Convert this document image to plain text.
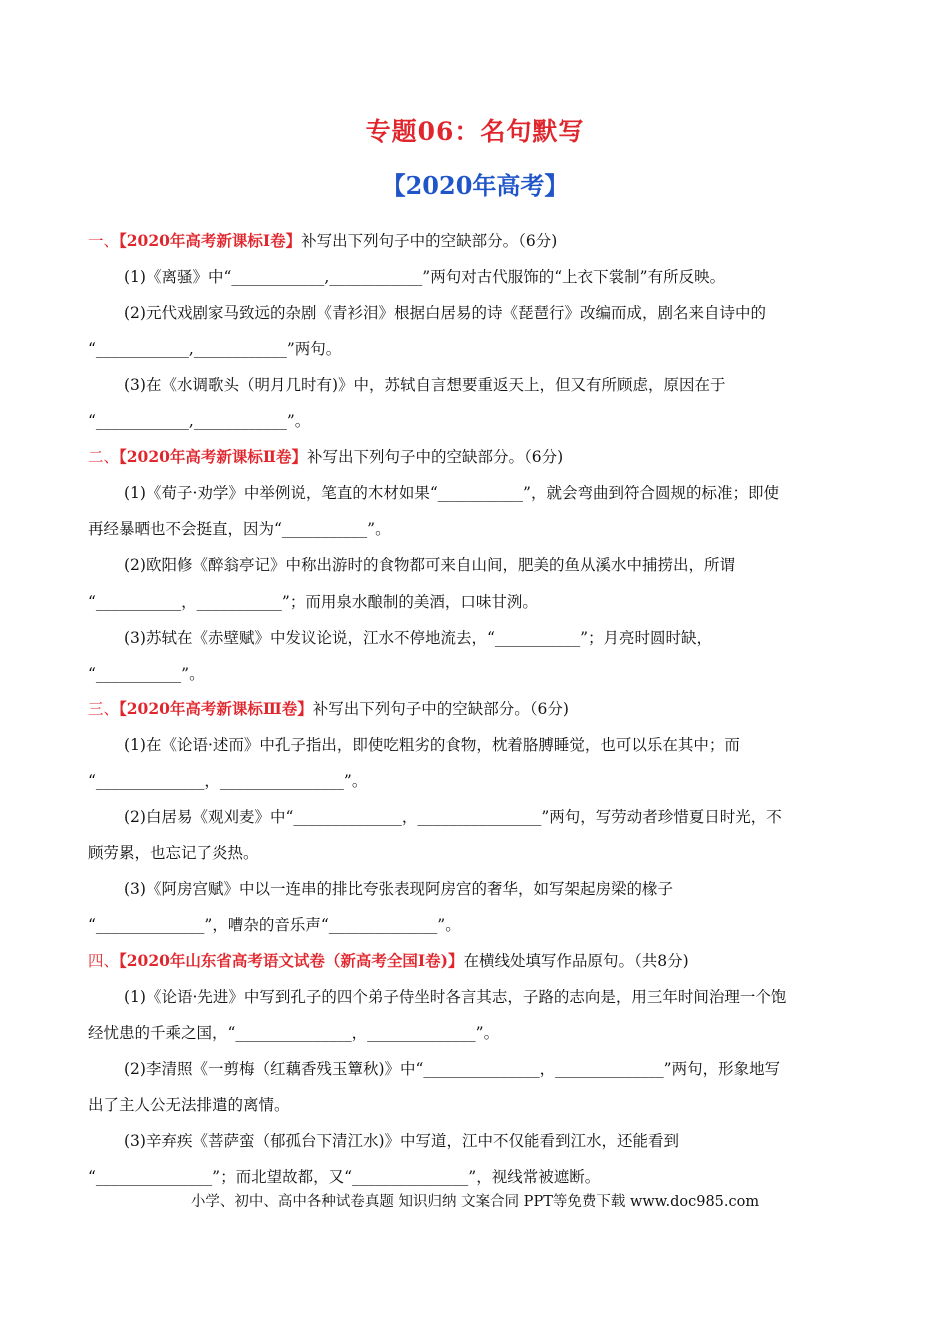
专题06：名句默写
【2020年高考】
一、【2020年高考新课标Ⅰ卷】补写出下列句子中的空缺部分。（6分)
(1)《离骚》中“____________,____________”两句对古代服饰的“上衣下裳制”有所反映。
(2)元代戏剧家马致远的杂剧《青衫泪》根据白居易的诗《琵琶行》改编而成，剧名来自诗中的
“____________,____________”两句。
(3)在《水调歌头（明月几时有)》中，苏轼自言想要重返天上，但又有所顾虑，原因在于
“____________,____________”。
二、【2020年高考新课标Ⅱ卷】补写出下列句子中的空缺部分。（6分)
(1)《荀子·劝学》中举例说，笔直的木材如果“___________”，就会弯曲到符合圆规的标准；即使
再经暴晒也不会挺直，因为“___________”。
(2)欧阳修《醉翁亭记》中称出游时的食物都可来自山间，肥美的鱼从溪水中捕捞出，所谓
“___________，___________”；而用泉水酿制的美酒，口味甘洌。
(3)苏轼在《赤壁赋》中发议论说，江水不停地流去，“___________”；月亮时圆时缺，
“___________”。
三、【2020年高考新课标Ⅲ卷】补写出下列句子中的空缺部分。（6分)
(1)在《论语·述而》中孔子指出，即使吃粗劣的食物，枕着胳膊睡觉，也可以乐在其中；而
“______________，________________”。
(2)白居易《观刈麦》中“______________，________________”两句，写劳动者珍惜夏日时光，不
顾劳累，也忘记了炎热。
(3)《阿房宫赋》中以一连串的排比夸张表现阿房宫的奢华，如写架起房梁的椽子
“______________”，嘈杂的音乐声“______________”。
四、【2020年山东省高考语文试卷（新高考全国Ⅰ卷)】在横线处填写作品原句。（共8分)
(1)《论语·先进》中写到孔子的四个弟子侍坐时各言其志，子路的志向是，用三年时间治理一个饱
经忧患的千乘之国，“_______________，______________”。
(2)李清照《一剪梅（红藕香残玉簟秋)》中“_______________，______________”两句，形象地写
出了主人公无法排遣的离情。
(3)辛弃疾《菩萨蛮（郁孤台下清江水)》中写道，江中不仅能看到江水，还能看到
“_______________”；而北望故都，又“_______________”，视线常被遮断。
小学、初中、高中各种试卷真题 知识归纳 文案合同 PPT等免费下载 www.doc985.com
